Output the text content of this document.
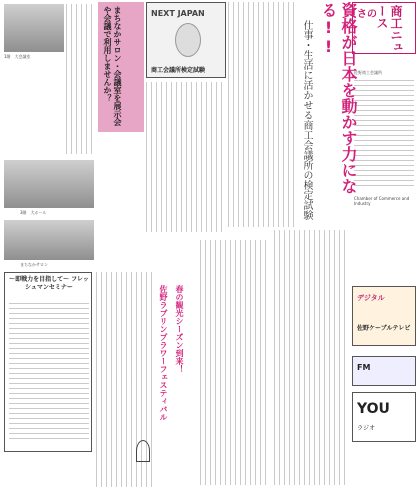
さの	商工ニュース
佐野商工会議所
Chamber of Commerce and Industry
資格が日本を動かす力になる!!
仕事・生活に活かせる商工会議所の検定試験
NEXT JAPAN
商工会議所検定試験
まちなかサロン・会議室を展示会や会議で利用しませんか？
1階　大会議室
3階　大ホール
まちなかサロン
〜即戦力を目指して〜 フレッシュマンセミナー	春の観光シーズン到来！
佐野ラブリンプラワーフェスティバル	デジタル
佐野ケーブルテレビ
FM
YOU
ラジオ
